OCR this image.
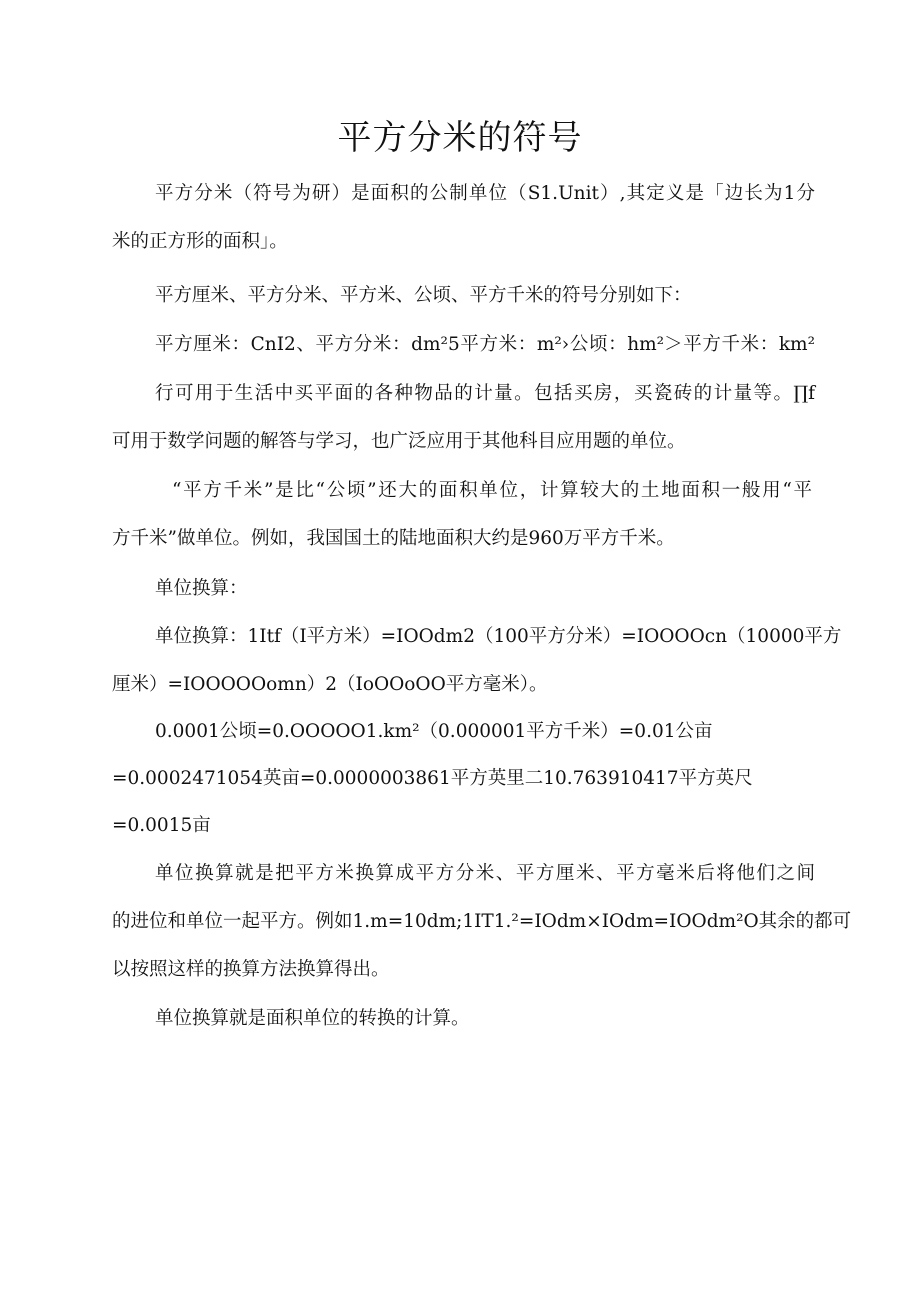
平方分米的符号

平方分米（符号为研）是面积的公制单位（S1.Unit）,其定义是「边长为1分

米的正方形的面积」。

平方厘米、平方分米、平方米、公顷、平方千米的符号分别如下：

平方厘米：CnI2、平方分米：dm²5平方米：m²›公顷：hm²＞平方千米：km²

行可用于生活中买平面的各种物品的计量。包括买房，买瓷砖的计量等。∏f

可用于数学问题的解答与学习，也广泛应用于其他科目应用题的单位。

“平方千米”是比“公顷”还大的面积单位，计算较大的土地面积一般用“平

方千米”做单位。例如，我国国土的陆地面积大约是960万平方千米。

单位换算：

单位换算：1Itf（I平方米）=IOOdm2（100平方分米）=IOOOOcn（10000平方

厘米）=IOOOOOomn）2（IoOOoOO平方毫米）。

0.0001公顷=0.OOOOO1.km²（0.000001平方千米）=0.01公亩

=0.0002471054英亩=0.0000003861平方英里二10.763910417平方英尺

=0.0015亩

单位换算就是把平方米换算成平方分米、平方厘米、平方毫米后将他们之间

的进位和单位一起平方。例如1.m=10dm;1IT1.²=IOdm×IOdm=IOOdm²O其余的都可

以按照这样的换算方法换算得出。

单位换算就是面积单位的转换的计算。
